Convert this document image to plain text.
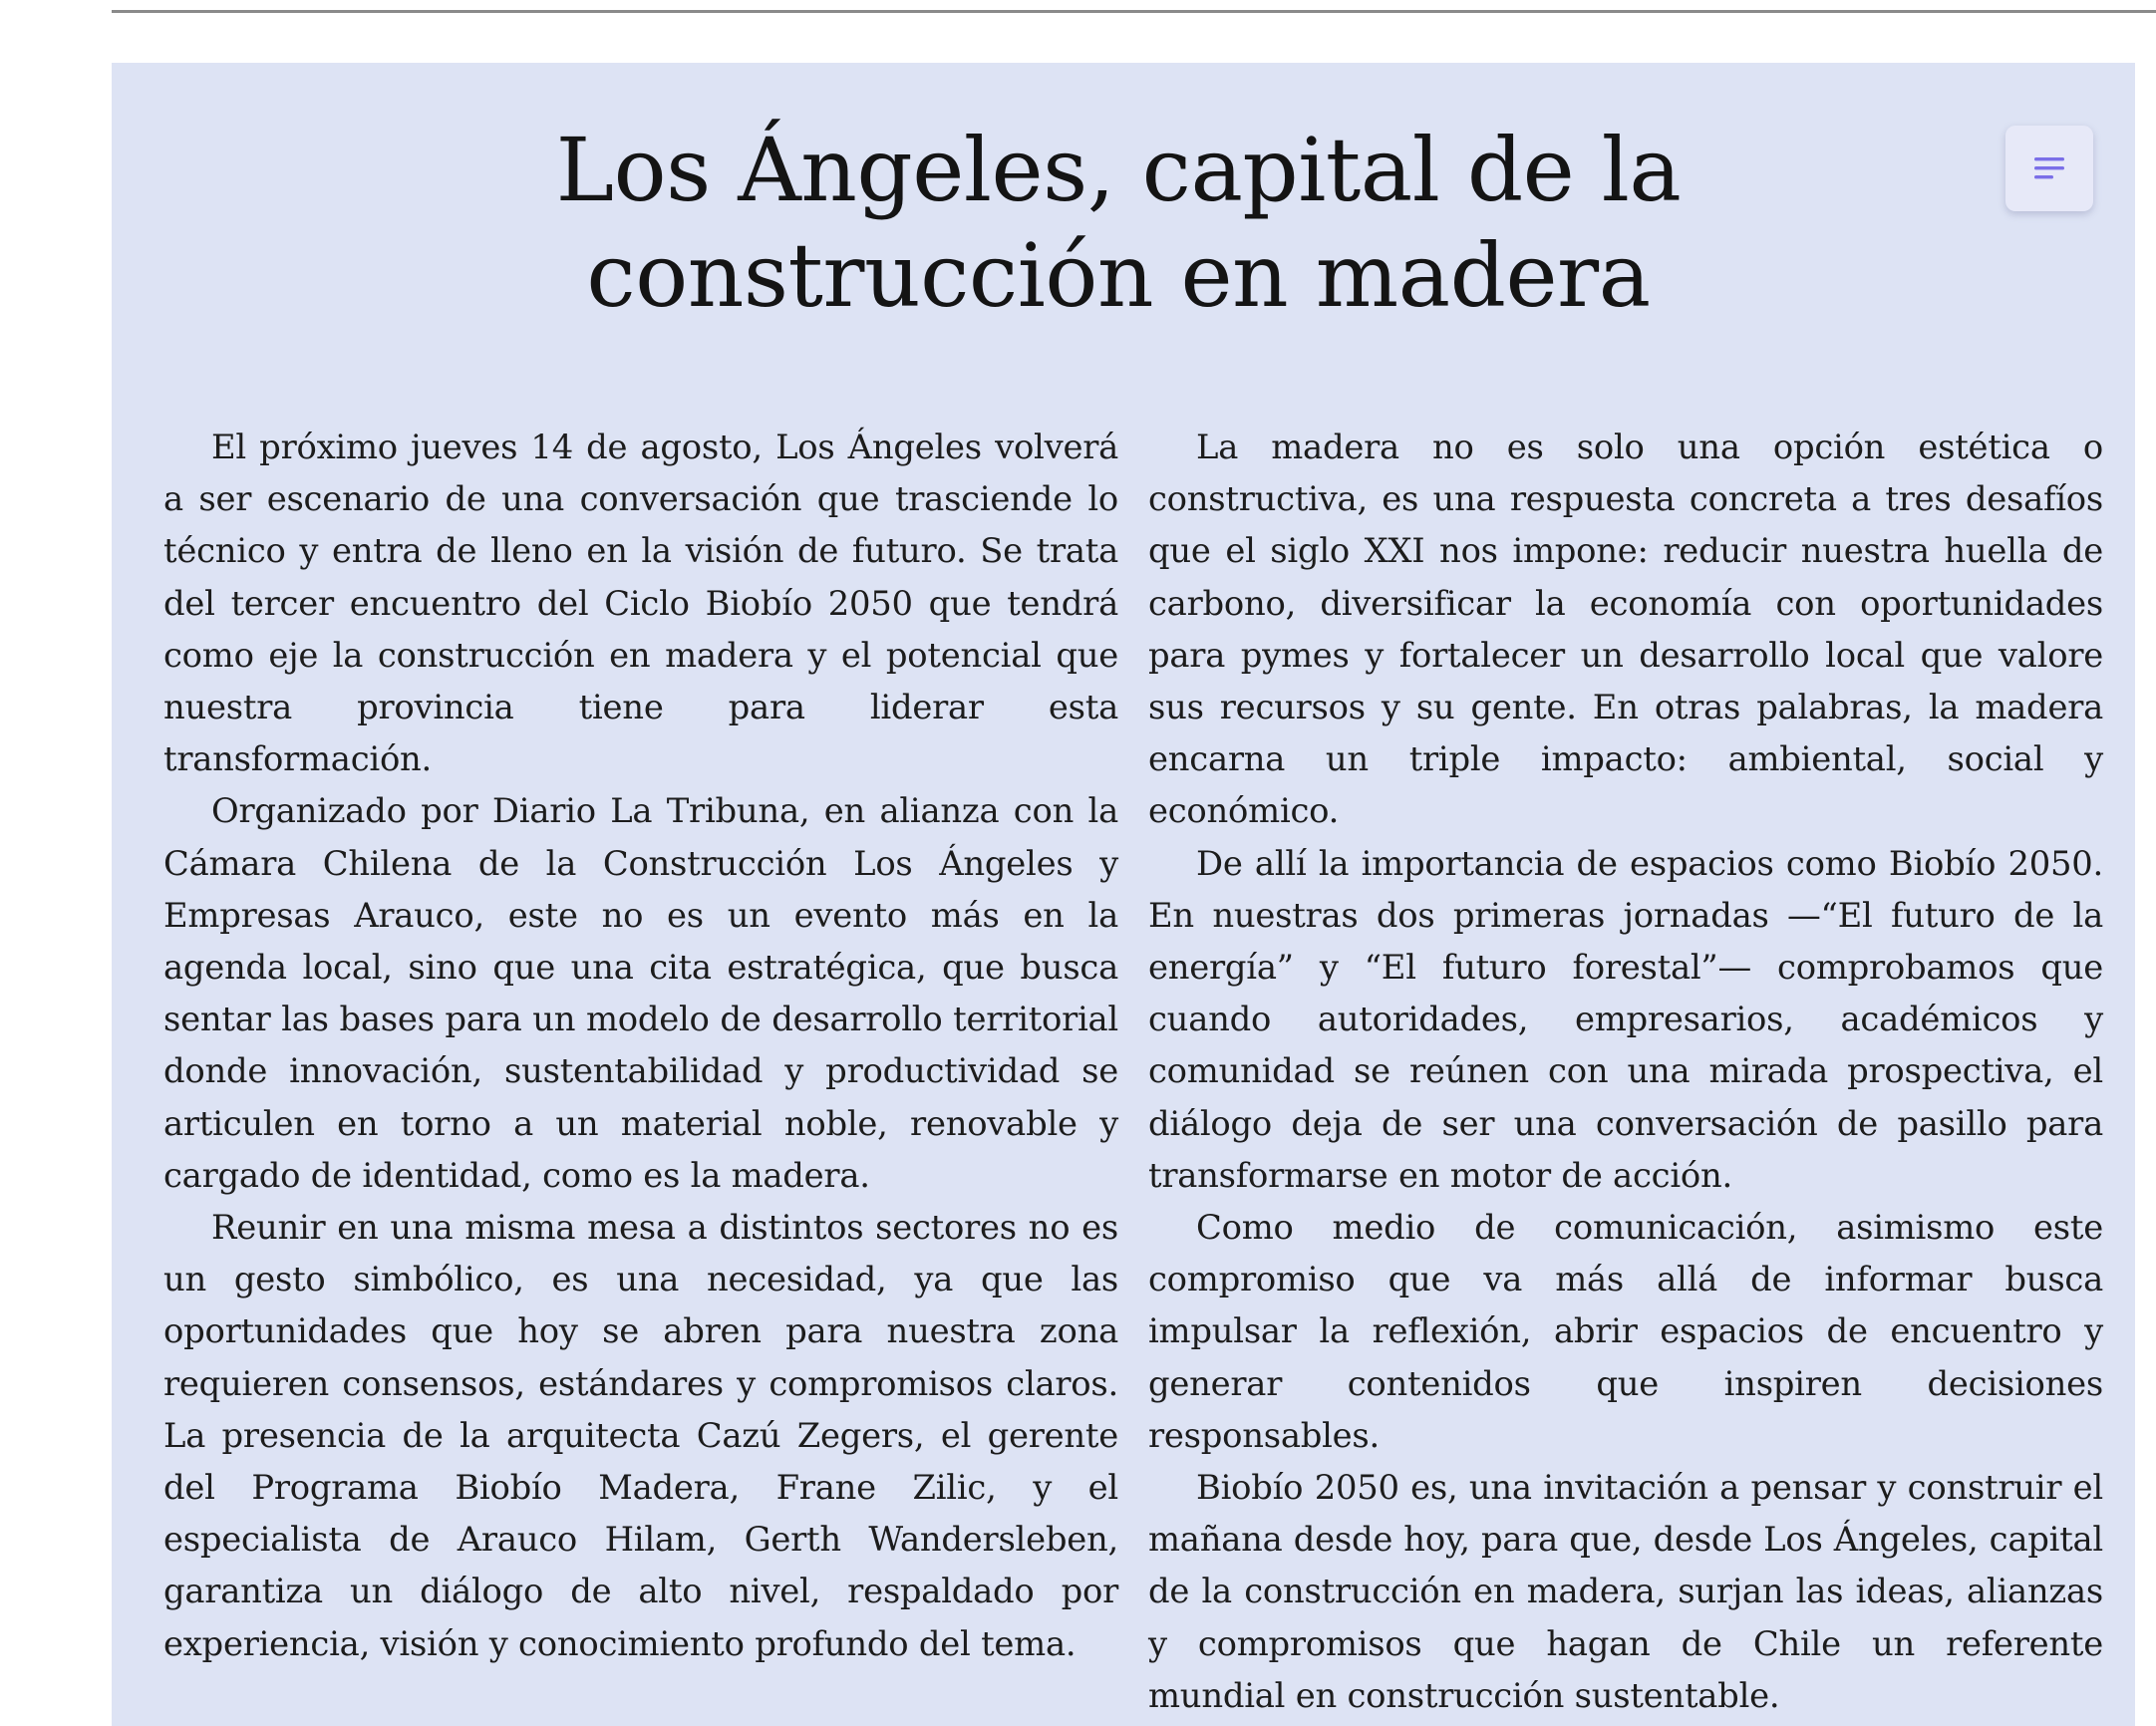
Los Ángeles, capital de la construcción en madera

El próximo jueves 14 de agosto, Los Ángeles volverá a ser escenario de una conversación que trasciende lo técnico y entra de lleno en la visión de futuro. Se trata del tercer encuentro del Ciclo Biobío 2050 que tendrá como eje la construcción en madera y el potencial que nuestra provincia tiene para liderar esta transformación.

Organizado por Diario La Tribuna, en alianza con la Cámara Chilena de la Construcción Los Ángeles y Empresas Arauco, este no es un evento más en la agenda local, sino que una cita estratégica, que busca sentar las bases para un modelo de desarrollo territorial donde innovación, sustentabilidad y productividad se articulen en torno a un material noble, renovable y cargado de identidad, como es la madera.

Reunir en una misma mesa a distintos sectores no es un gesto simbólico, es una necesidad, ya que las oportunidades que hoy se abren para nuestra zona requieren consensos, estándares y compromisos claros. La presencia de la arquitecta Cazú Zegers, el gerente del Programa Biobío Madera, Frane Zilic, y el especialista de Arauco Hilam, Gerth Wandersleben, garantiza un diálogo de alto nivel, respaldado por experiencia, visión y conocimiento profundo del tema.

La madera no es solo una opción estética o constructiva, es una respuesta concreta a tres desafíos que el siglo XXI nos impone: reducir nuestra huella de carbono, diversificar la economía con oportunidades para pymes y fortalecer un desarrollo local que valore sus recursos y su gente. En otras palabras, la madera encarna un triple impacto: ambiental, social y económico.

De allí la importancia de espacios como Biobío 2050. En nuestras dos primeras jornadas —“El futuro de la energía” y “El futuro forestal”— comprobamos que cuando autoridades, empresarios, académicos y comunidad se reúnen con una mirada prospectiva, el diálogo deja de ser una conversación de pasillo para transformarse en motor de acción.

Como medio de comunicación, asimismo este compromiso que va más allá de informar busca impulsar la reflexión, abrir espacios de encuentro y generar contenidos que inspiren decisiones responsables.

Biobío 2050 es, una invitación a pensar y construir el mañana desde hoy, para que, desde Los Ángeles, capital de la construcción en madera, surjan las ideas, alianzas y compromisos que hagan de Chile un referente mundial en construcción sustentable.
